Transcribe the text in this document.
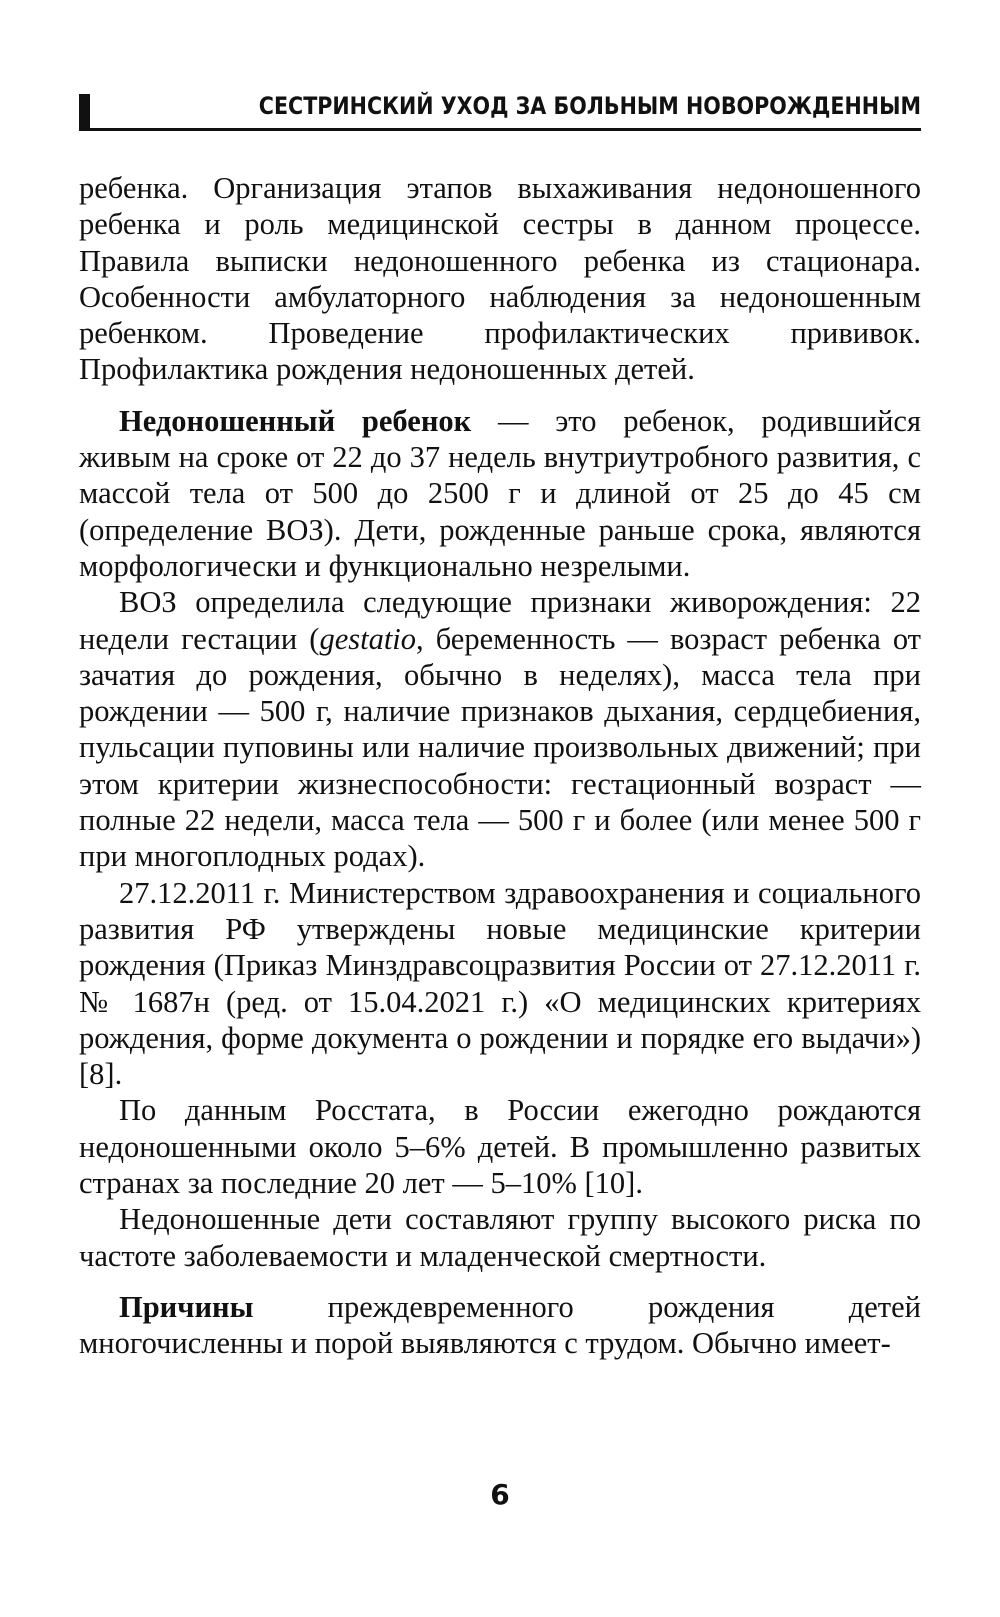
СЕСТРИНСКИЙ УХОД ЗА БОЛЬНЫМ НОВОРОЖДЕННЫМ

ребенка. Организация этапов выхаживания недоношенного ребенка и роль медицинской сестры в данном процессе. Правила выписки недоношенного ребенка из стационара. Особенности амбулаторного наблюдения за недоношенным ребенком. Проведение профилактических прививок. Профилактика рождения недоношенных детей.

Недоношенный ребенок — это ребенок, родившийся живым на сроке от 22 до 37 недель внутриутробного развития, с массой тела от 500 до 2500 г и длиной от 25 до 45 см (определение ВОЗ). Дети, рожденные раньше срока, являются морфологически и функционально незрелыми.

ВОЗ определила следующие признаки живорождения: 22 недели гестации (gestatio, беременность — возраст ребенка от зачатия до рождения, обычно в неделях), масса тела при рождении — 500 г, наличие признаков дыхания, сердцебиения, пульсации пуповины или наличие произвольных движений; при этом критерии жизнеспособности: гестационный возраст — полные 22 недели, масса тела — 500 г и более (или менее 500 г при многоплодных родах).

27.12.2011 г. Министерством здравоохранения и социального развития РФ утверждены новые медицинские критерии рождения (Приказ Минздравсоцразвития России от 27.12.2011 г. № 1687н (ред. от 15.04.2021 г.) «О медицинских критериях рождения, форме документа о рождении и порядке его выдачи») [8].

По данным Росстата, в России ежегодно рождаются недоношенными около 5–6% детей. В промышленно развитых странах за последние 20 лет — 5–10% [10].

Недоношенные дети составляют группу высокого риска по частоте заболеваемости и младенческой смертности.

Причины преждевременного рождения детей многочисленны и порой выявляются с трудом. Обычно имеет-

6
